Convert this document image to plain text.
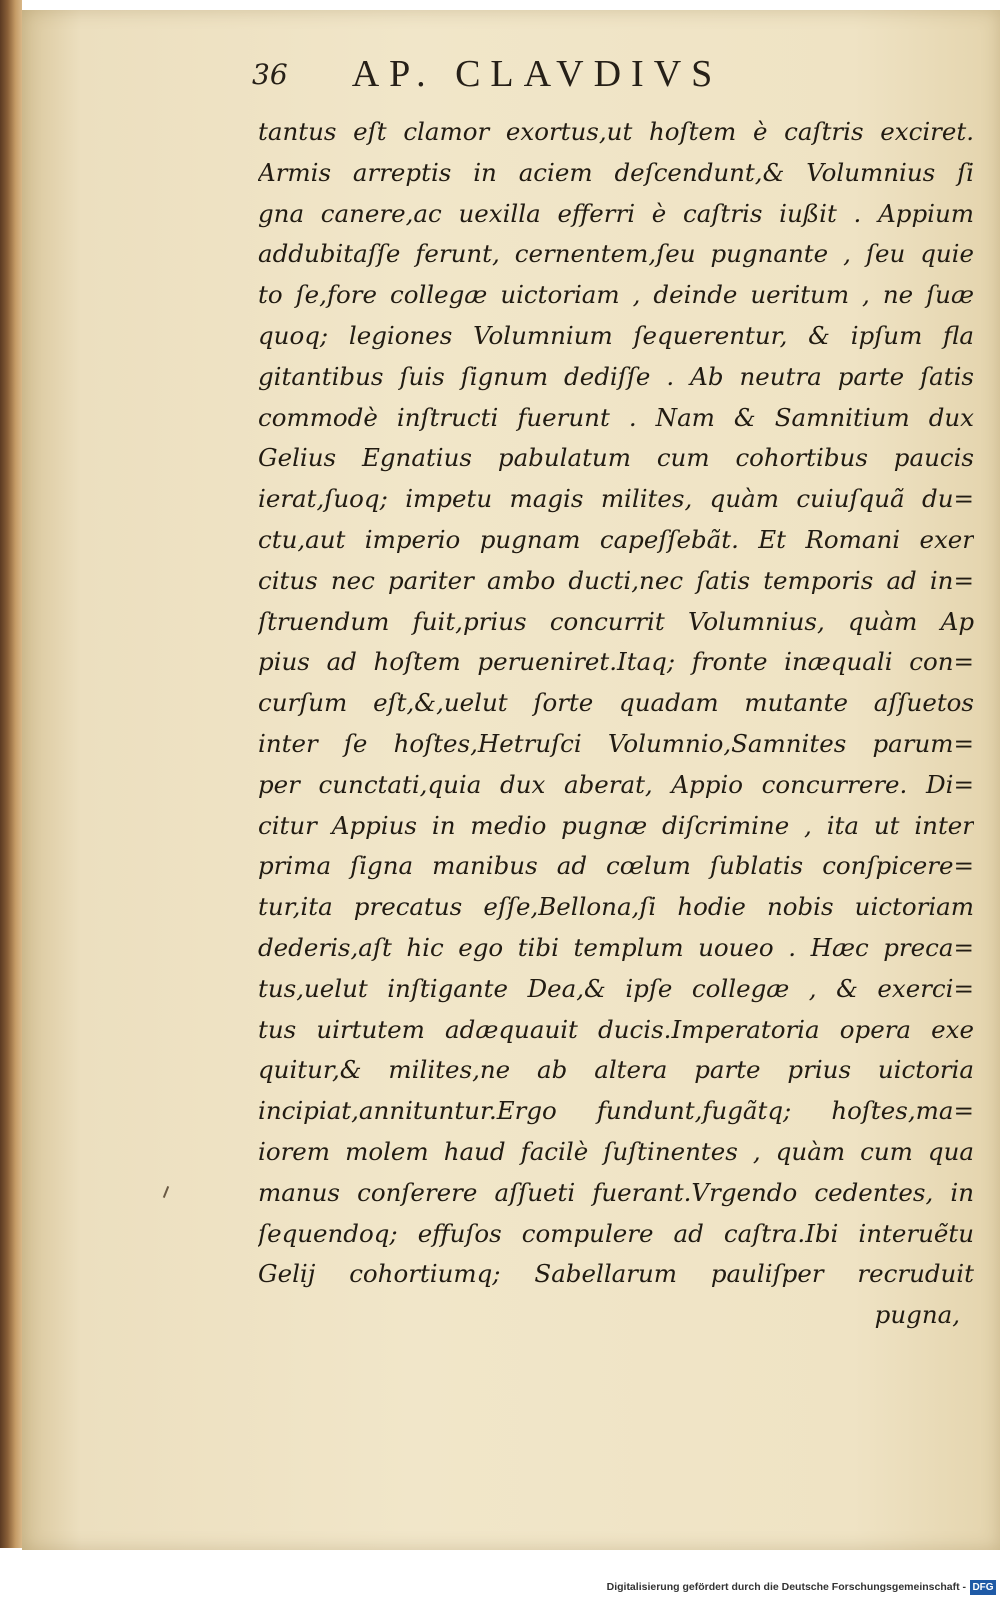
36	AP. CLAVDIVS
tantus eſt clamor exortus,ut hoſtem è caſtris exciret.
Armis arreptis in aciem deſcendunt,& Volumnius ſi
gna canere,ac uexilla efferri è caſtris iußit . Appium
addubitaſſe ferunt, cernentem,ſeu pugnante , ſeu quie
to ſe,fore collegæ uictoriam , deinde ueritum , ne ſuæ
quoq; legiones Volumnium ſequerentur, & ipſum fla
gitantibus ſuis ſignum dediſſe . Ab neutra parte ſatis
commodè inſtructi fuerunt . Nam & Samnitium dux
Gelius Egnatius pabulatum cum cohortibus paucis
ierat,ſuoq; impetu magis milites, quàm cuiuſquã du=
ctu,aut imperio pugnam capeſſebãt. Et Romani exer
citus nec pariter ambo ducti,nec ſatis temporis ad in=
ſtruendum fuit,prius concurrit Volumnius, quàm Ap
pius ad hoſtem perueniret.Itaq; fronte inæquali con=
curſum eſt,&,uelut ſorte quadam mutante aſſuetos
inter ſe hoſtes,Hetruſci Volumnio,Samnites parum=
per cunctati,quia dux aberat, Appio concurrere. Di=
citur Appius in medio pugnæ diſcrimine , ita ut inter
prima ſigna manibus ad cœlum ſublatis conſpicere=
tur,ita precatus eſſe,Bellona,ſi hodie nobis uictoriam
dederis,aſt hic ego tibi templum uoueo . Hæc preca=
tus,uelut inſtigante Dea,& ipſe collegæ , & exerci=
tus uirtutem adæquauit ducis.Imperatoria opera exe
quitur,& milites,ne ab altera parte prius uictoria
incipiat,annituntur.Ergo fundunt,fugãtq; hoſtes,ma=
iorem molem haud facilè ſuſtinentes , quàm cum qua
manus conſerere aſſueti fuerant.Vrgendo cedentes, in
ſequendoq; effuſos compulere ad caſtra.Ibi interuẽtu
Gelij cohortiumq; Sabellarum pauliſper recruduit
pugna,
Digitalisierung gefördert durch die Deutsche Forschungsgemeinschaft - DFG
